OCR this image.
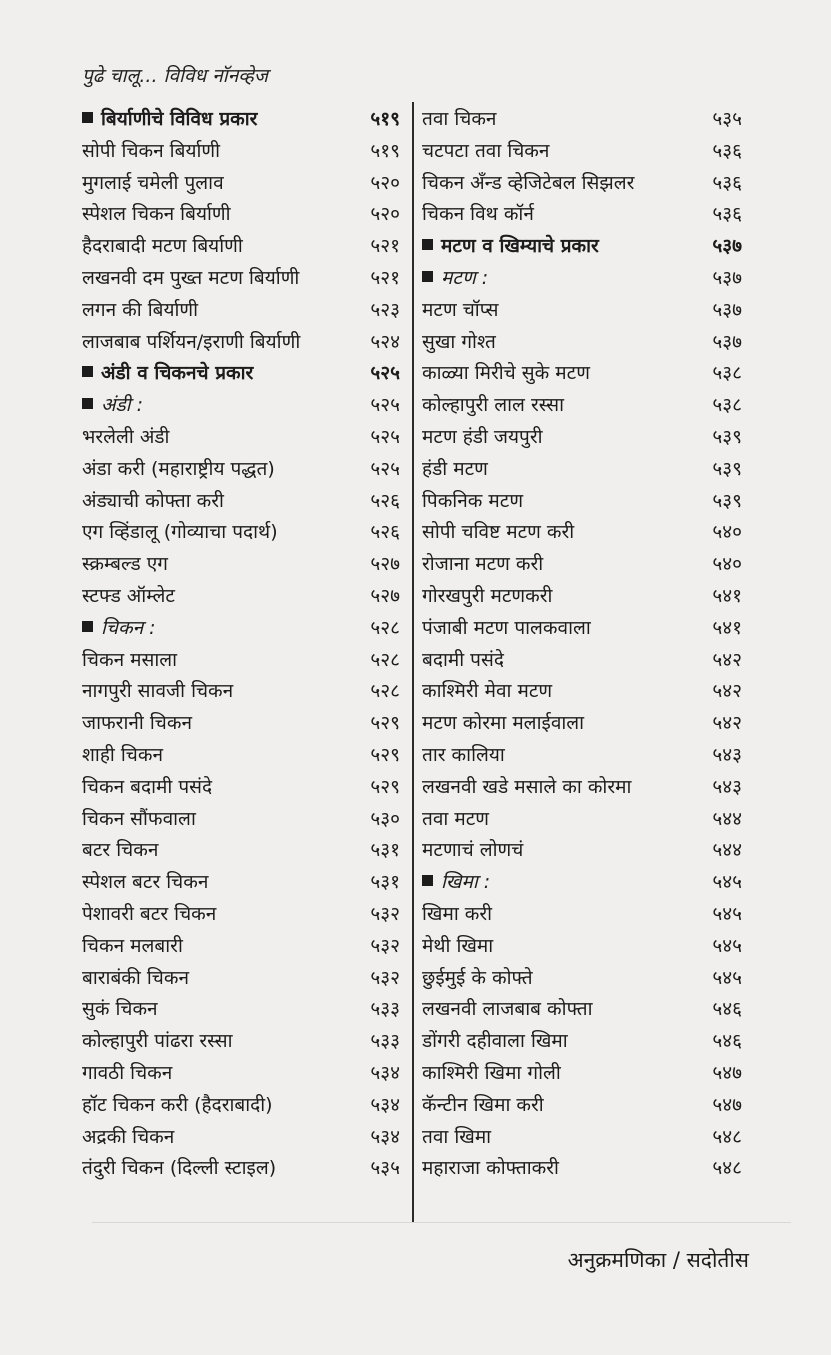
पुढे चालू... विविध नॉनव्हेज
बिर्याणीचे विविध प्रकार	५१९
सोपी चिकन बिर्याणी	५१९
मुगलाई चमेली पुलाव	५२०
स्पेशल चिकन बिर्याणी	५२०
हैदराबादी मटण बिर्याणी	५२१
लखनवी दम पुख्त मटण बिर्याणी	५२१
लगन की बिर्याणी	५२३
लाजबाब पर्शियन/इराणी बिर्याणी	५२४
अंडी व चिकनचे प्रकार	५२५
अंडी :	५२५
भरलेली अंडी	५२५
अंडा करी (महाराष्ट्रीय पद्धत)	५२५
अंड्याची कोफ्ता करी	५२६
एग व्हिंडालू (गोव्याचा पदार्थ)	५२६
स्क्रम्बल्ड एग	५२७
स्टफ्ड ऑम्लेट	५२७
चिकन :	५२८
चिकन मसाला	५२८
नागपुरी सावजी चिकन	५२८
जाफरानी चिकन	५२९
शाही चिकन	५२९
चिकन बदामी पसंदे	५२९
चिकन सौंफवाला	५३०
बटर चिकन	५३१
स्पेशल बटर चिकन	५३१
पेशावरी बटर चिकन	५३२
चिकन मलबारी	५३२
बाराबंकी चिकन	५३२
सुकं चिकन	५३३
कोल्हापुरी पांढरा रस्सा	५३३
गावठी चिकन	५३४
हॉट चिकन करी (हैदराबादी)	५३४
अद्रकी चिकन	५३४
तंदुरी चिकन (दिल्ली स्टाइल)	५३५
तवा चिकन	५३५
चटपटा तवा चिकन	५३६
चिकन अँन्ड व्हेजिटेबल सिझलर	५३६
चिकन विथ कॉर्न	५३६
मटण व खिम्याचे प्रकार	५३७
मटण :	५३७
मटण चॉप्स	५३७
सुखा गोश्त	५३७
काळ्या मिरीचे सुके मटण	५३८
कोल्हापुरी लाल रस्सा	५३८
मटण हंडी जयपुरी	५३९
हंडी मटण	५३९
पिकनिक मटण	५३९
सोपी चविष्ट मटण करी	५४०
रोजाना मटण करी	५४०
गोरखपुरी मटणकरी	५४१
पंजाबी मटण पालकवाला	५४१
बदामी पसंदे	५४२
काश्मिरी मेवा मटण	५४२
मटण कोरमा मलाईवाला	५४२
तार कालिया	५४३
लखनवी खडे मसाले का कोरमा	५४३
तवा मटण	५४४
मटणाचं लोणचं	५४४
खिमा :	५४५
खिमा करी	५४५
मेथी खिमा	५४५
छुईमुई के कोफ्ते	५४५
लखनवी लाजबाब कोफ्ता	५४६
डोंगरी दहीवाला खिमा	५४६
काश्मिरी खिमा गोली	५४७
कॅन्टीन खिमा करी	५४७
तवा खिमा	५४८
महाराजा कोफ्ताकरी	५४८
अनुक्रमणिका / सदोतीस
